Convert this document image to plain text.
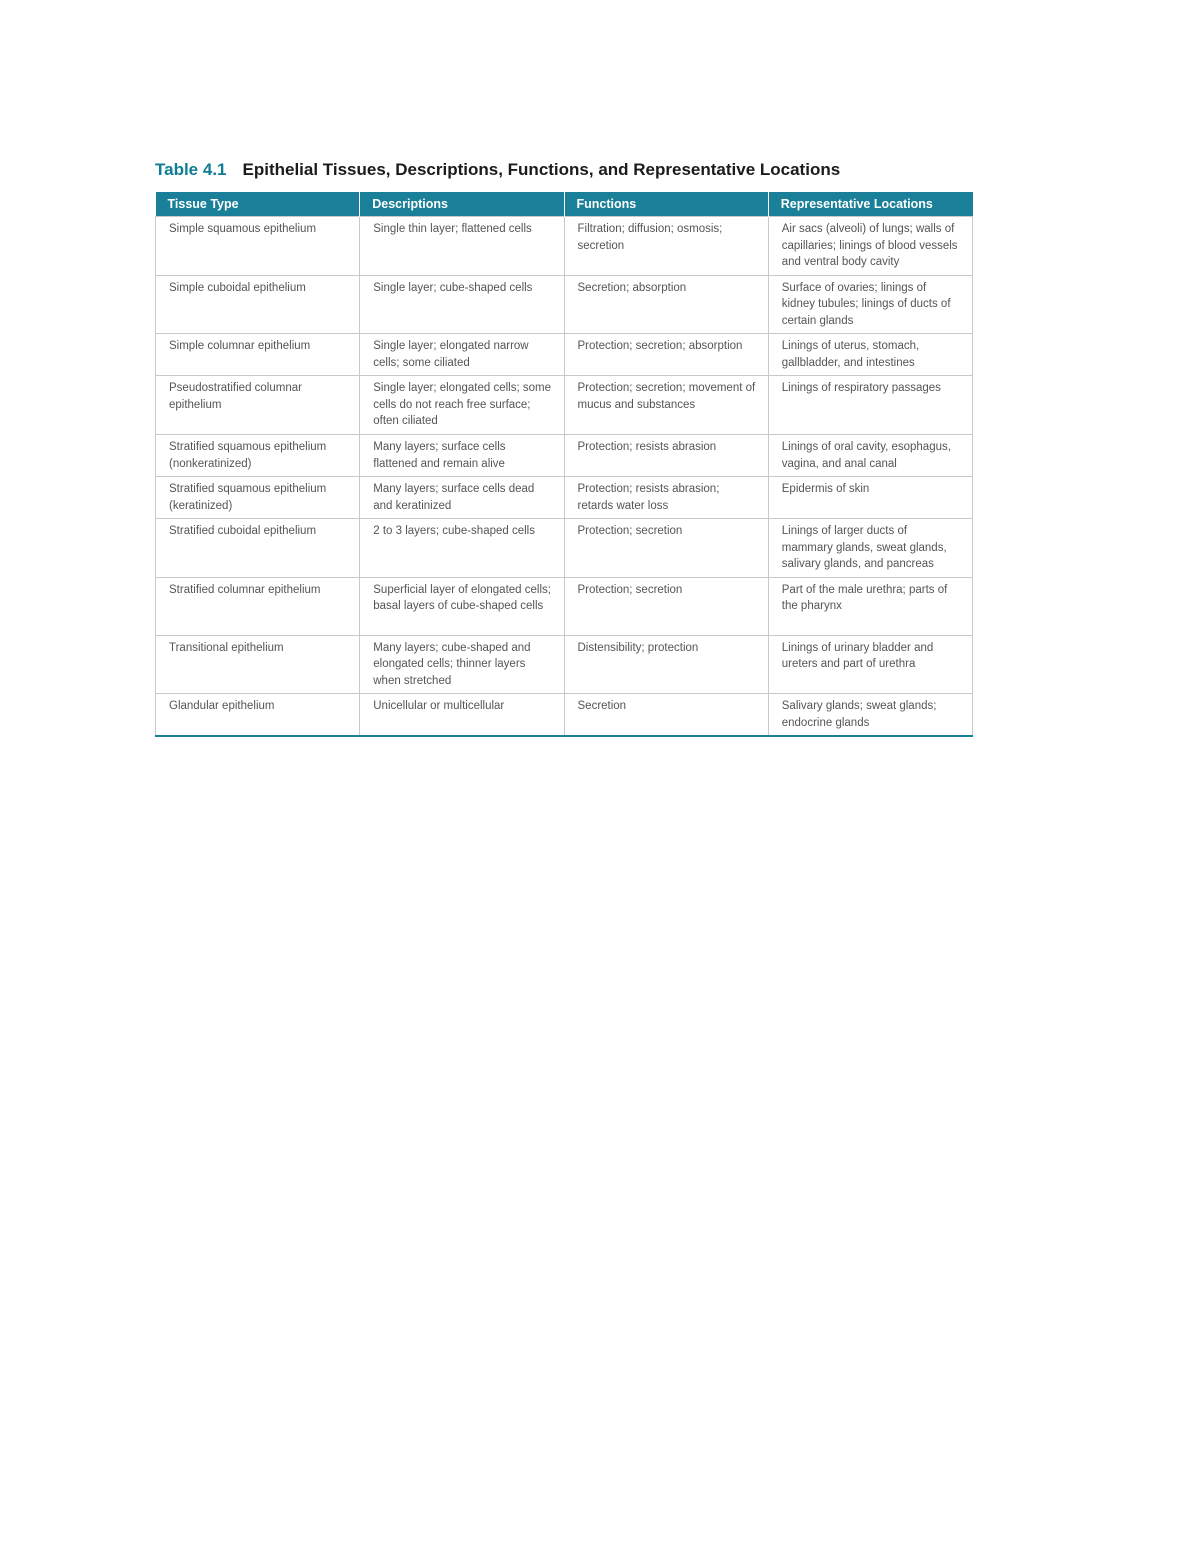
Table 4.1 Epithelial Tissues, Descriptions, Functions, and Representative Locations
Tissue Type	Descriptions	Functions	Representative Locations
Simple squamous epithelium	Single thin layer; flattened cells	Filtration; diffusion; osmosis; secretion	Air sacs (alveoli) of lungs; walls of capillaries; linings of blood vessels and ventral body cavity
Simple cuboidal epithelium	Single layer; cube-shaped cells	Secretion; absorption	Surface of ovaries; linings of kidney tubules; linings of ducts of certain glands
Simple columnar epithelium	Single layer; elongated narrow cells; some ciliated	Protection; secretion; absorption	Linings of uterus, stomach, gallbladder, and intestines
Pseudostratified columnar epithelium	Single layer; elongated cells; some cells do not reach free surface; often ciliated	Protection; secretion; movement of mucus and substances	Linings of respiratory passages
Stratified squamous epithelium (nonkeratinized)	Many layers; surface cells flattened and remain alive	Protection; resists abrasion	Linings of oral cavity, esophagus, vagina, and anal canal
Stratified squamous epithelium (keratinized)	Many layers; surface cells dead and keratinized	Protection; resists abrasion; retards water loss	Epidermis of skin
Stratified cuboidal epithelium	2 to 3 layers; cube-shaped cells	Protection; secretion	Linings of larger ducts of mammary glands, sweat glands, salivary glands, and pancreas
Stratified columnar epithelium	Superficial layer of elongated cells; basal layers of cube-shaped cells	Protection; secretion	Part of the male urethra; parts of the pharynx
Transitional epithelium	Many layers; cube-shaped and elongated cells; thinner layers when stretched	Distensibility; protection	Linings of urinary bladder and ureters and part of urethra
Glandular epithelium	Unicellular or multicellular	Secretion	Salivary glands; sweat glands; endocrine glands
